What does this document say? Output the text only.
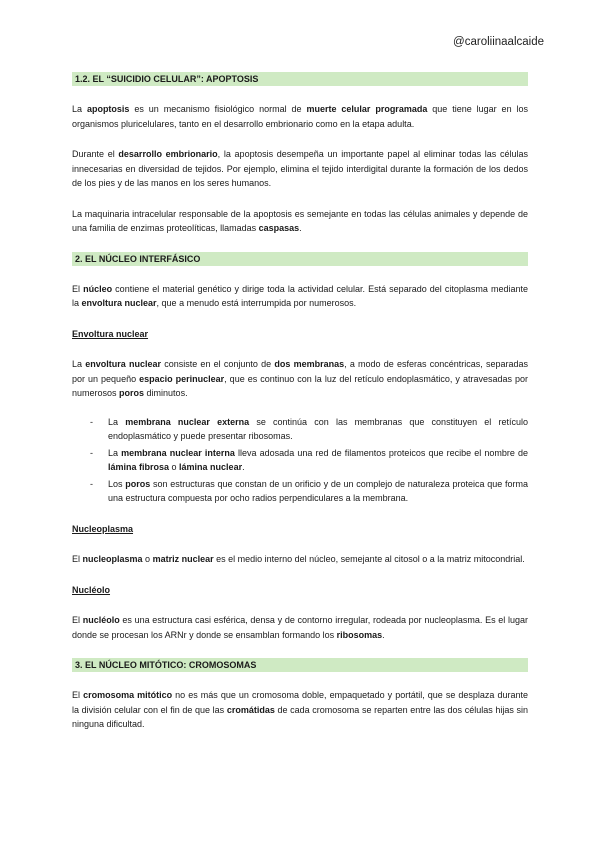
@caroliinaalcaide
1.2. EL “SUICIDIO CELULAR”: APOPTOSIS

La apoptosis es un mecanismo fisiológico normal de muerte celular programada que tiene lugar en los organismos pluricelulares, tanto en el desarrollo embrionario como en la etapa adulta.

Durante el desarrollo embrionario, la apoptosis desempeña un importante papel al eliminar todas las células innecesarias en diversidad de tejidos. Por ejemplo, elimina el tejido interdigital durante la formación de los dedos de los pies y de las manos en los seres humanos.

La maquinaria intracelular responsable de la apoptosis es semejante en todas las células animales y depende de una familia de enzimas proteolíticas, llamadas caspasas.

2. EL NÚCLEO INTERFÁSICO

El núcleo contiene el material genético y dirige toda la actividad celular. Está separado del citoplasma mediante la envoltura nuclear, que a menudo está interrumpida por numerosos.

Envoltura nuclear

La envoltura nuclear consiste en el conjunto de dos membranas, a modo de esferas concéntricas, separadas por un pequeño espacio perinuclear, que es continuo con la luz del retículo endoplasmático, y atravesadas por numerosos poros diminutos.

- La membrana nuclear externa se continúa con las membranas que constituyen el retículo endoplasmático y puede presentar ribosomas.
- La membrana nuclear interna lleva adosada una red de filamentos proteicos que recibe el nombre de lámina fibrosa o lámina nuclear.
- Los poros son estructuras que constan de un orificio y de un complejo de naturaleza proteica que forma una estructura compuesta por ocho radios perpendiculares a la membrana.
Nucleoplasma

El nucleoplasma o matriz nuclear es el medio interno del núcleo, semejante al citosol o a la matriz mitocondrial.

Nucléolo

El nucléolo es una estructura casi esférica, densa y de contorno irregular, rodeada por nucleoplasma. Es el lugar donde se procesan los ARNr y donde se ensamblan formando los ribosomas.

3. EL NÚCLEO MITÓTICO: CROMOSOMAS

El cromosoma mitótico no es más que un cromosoma doble, empaquetado y portátil, que se desplaza durante la división celular con el fin de que las cromátidas de cada cromosoma se reparten entre las dos células hijas sin ninguna dificultad.
